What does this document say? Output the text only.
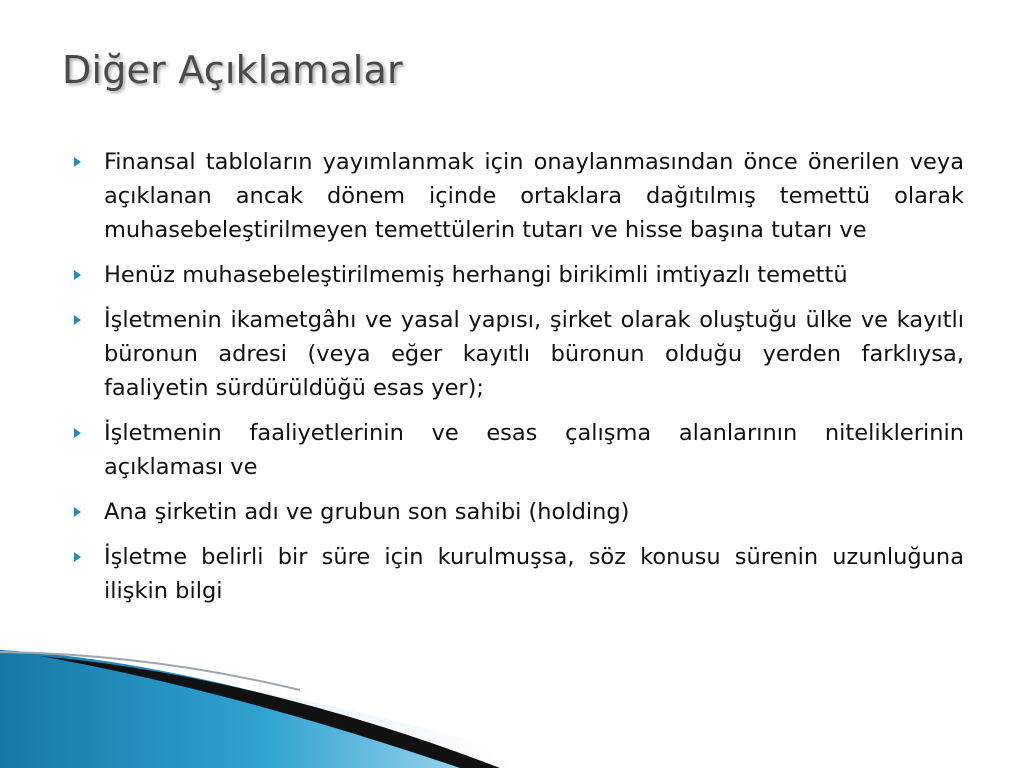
Diğer Açıklamalar
Finansal tabloların yayımlanmak için onaylanmasından önce önerilen veya açıklanan ancak dönem içinde ortaklara dağıtılmış temettü olarak muhasebeleştirilmeyen temettülerin tutarı ve hisse başına tutarı ve
Henüz muhasebeleştirilmemiş herhangi birikimli imtiyazlı temettü
İşletmenin ikametgâhı ve yasal yapısı, şirket olarak oluştuğu ülke ve kayıtlı büronun adresi (veya eğer kayıtlı büronun olduğu yerden farklıysa, faaliyetin sürdürüldüğü esas yer);
İşletmenin faaliyetlerinin ve esas çalışma alanlarının niteliklerinin açıklaması ve
Ana şirketin adı ve grubun son sahibi (holding)
İşletme belirli bir süre için kurulmuşsa, söz konusu sürenin uzunluğuna ilişkin bilgi
